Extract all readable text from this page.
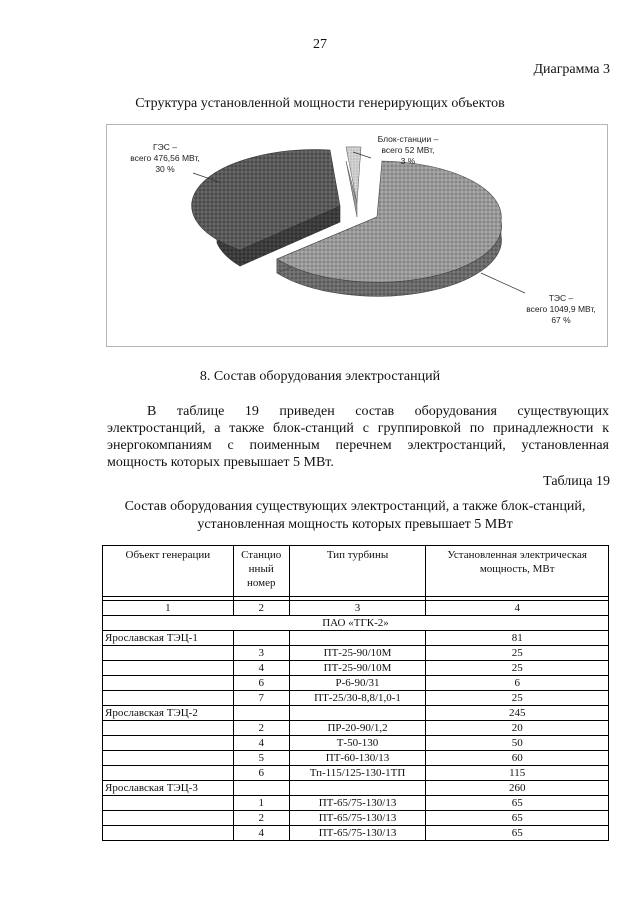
27
Диаграмма 3
Структура установленной мощности генерирующих объектов
ГЭС –
всего 476,56 МВт,
30 %
Блок-станции –
всего 52 МВт,
3 %
ТЭС –
всего 1049,9 МВт,
67 %
8. Состав оборудования электростанций
В таблице 19 приведен состав оборудования существующих
электростанций, а также блок-станций с группировкой по принадлежности к
энергокомпаниям с поименным перечнем электростанций, установленная
мощность которых превышает 5 МВт.
Таблица 19
Состав оборудования существующих электростанций, а также блок-станций,
установленная мощность которых превышает 5 МВт
Объект генерации	Станцио нный номер	Тип турбины	Установленная электрическая мощность, МВт

1	2	3	4
ПАО «ТГК-2»			
Ярославская ТЭЦ-1			81
	3	ПТ-25-90/10М	25
	4	ПТ-25-90/10М	25
	6	Р-6-90/31	6
	7	ПТ-25/30-8,8/1,0-1	25
Ярославская ТЭЦ-2			245
	2	ПР-20-90/1,2	20
	4	Т-50-130	50
	5	ПТ-60-130/13	60
	6	Тп-115/125-130-1ТП	115
Ярославская ТЭЦ-3			260
	1	ПТ-65/75-130/13	65
	2	ПТ-65/75-130/13	65
	4	ПТ-65/75-130/13	65
